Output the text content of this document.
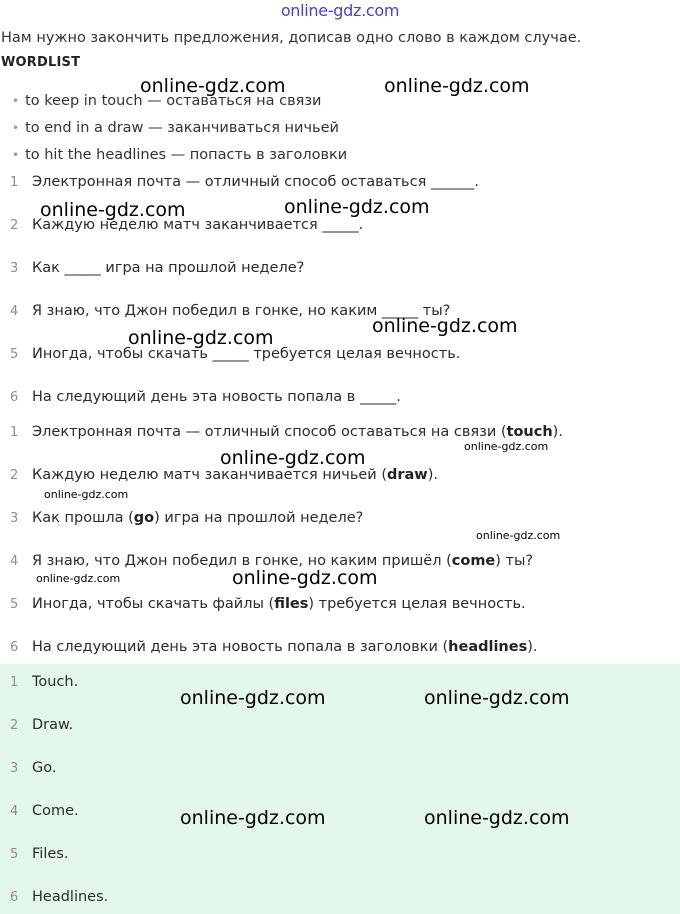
online-gdz.com
Нам нужно закончить предложения, дописав одно слово в каждом случае.
WORDLIST
• to keep in touch — оставаться на связи
• to end in a draw — заканчиваться ничьей
• to hit the headlines — попасть в заголовки
1 Электронная почта — отличный способ оставаться ______.
2 Каждую неделю матч заканчивается _____.
3 Как _____ игра на прошлой неделе?
4 Я знаю, что Джон победил в гонке, но каким _____ ты?
5 Иногда, чтобы скачать _____ требуется целая вечность.
6 На следующий день эта новость попала в _____.
1 Электронная почта — отличный способ оставаться на связи (touch).
2 Каждую неделю матч заканчивается ничьей (draw).
3 Как прошла (go) игра на прошлой неделе?
4 Я знаю, что Джон победил в гонке, но каким пришёл (come) ты?
5 Иногда, чтобы скачать файлы (files) требуется целая вечность.
6 На следующий день эта новость попала в заголовки (headlines).
1 Touch.
2 Draw.
3 Go.
4 Come.
5 Files.
6 Headlines.
online-gdz.com	online-gdz.com
online-gdz.com	online-gdz.com
online-gdz.com
online-gdz.com
online-gdz.com
online-gdz.com
online-gdz.com
online-gdz.com
online-gdz.com	online-gdz.com
online-gdz.com	online-gdz.com
online-gdz.com	online-gdz.com
